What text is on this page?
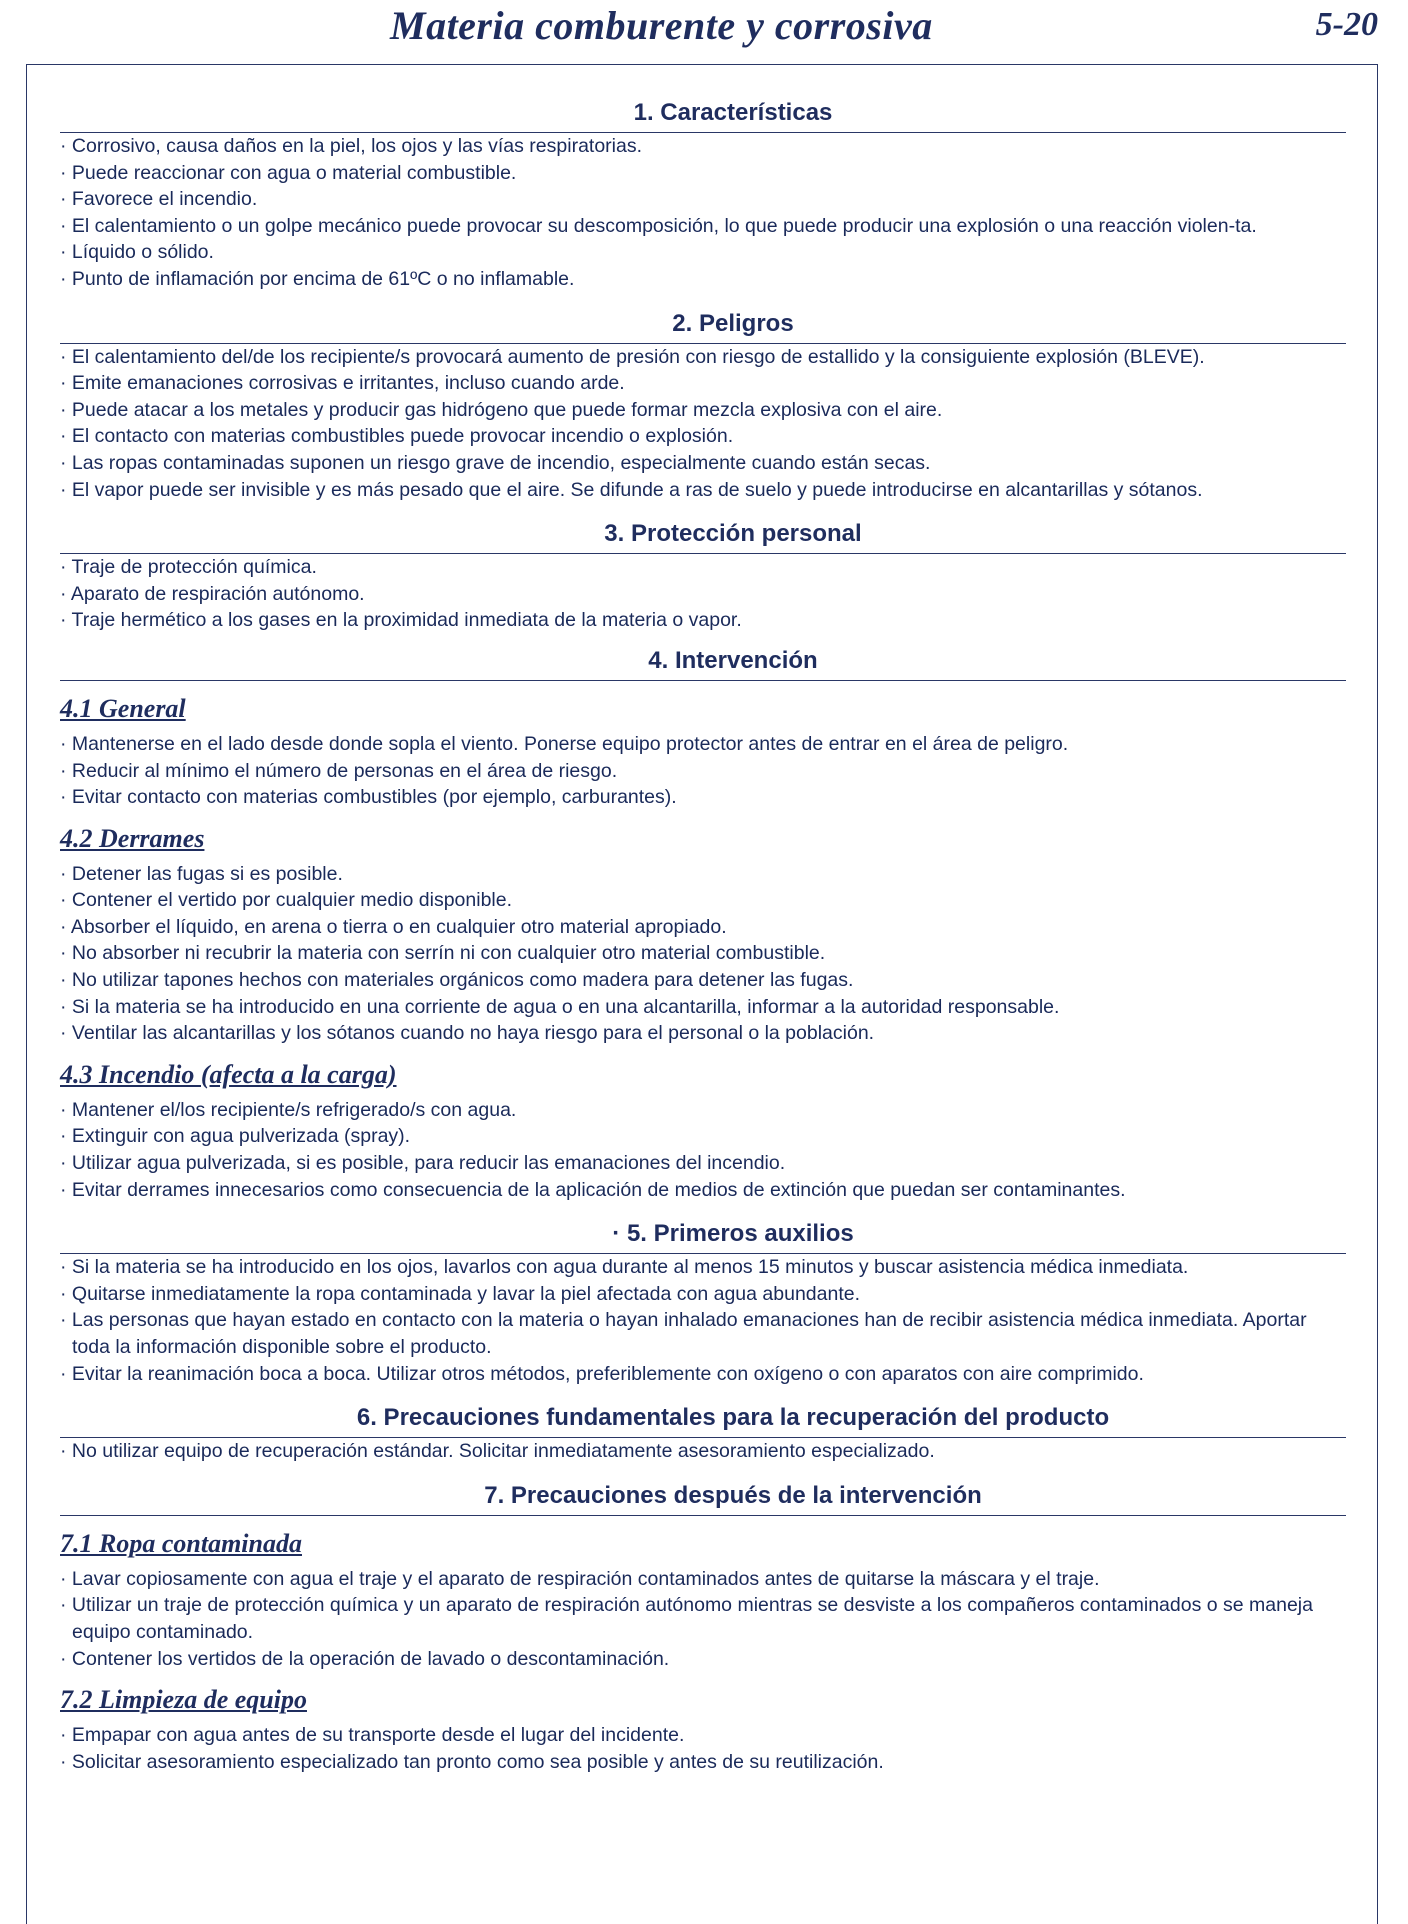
Materia comburente y corrosiva	5-20
1. Características
· Corrosivo, causa daños en la piel, los ojos y las vías respiratorias.
· Puede reaccionar con agua o material combustible.
· Favorece el incendio.
· El calentamiento o un golpe mecánico puede provocar su descomposición, lo que puede producir una explosión o una reacción violen-ta.
· Líquido o sólido.
· Punto de inflamación por encima de 61ºC o no inflamable.
2. Peligros
· El calentamiento del/de los recipiente/s provocará aumento de presión con riesgo de estallido y la consiguiente explosión (BLEVE).
· Emite emanaciones corrosivas e irritantes, incluso cuando arde.
· Puede atacar a los metales y producir gas hidrógeno que puede formar mezcla explosiva con el aire.
· El contacto con materias combustibles puede provocar incendio o explosión.
· Las ropas contaminadas suponen un riesgo grave de incendio, especialmente cuando están secas.
· El vapor puede ser invisible y es más pesado que el aire. Se difunde a ras de suelo y puede introducirse en alcantarillas y sótanos.
3. Protección personal
· Traje de protección química.
· Aparato de respiración autónomo.
· Traje hermético a los gases en la proximidad inmediata de la materia o vapor.
4. Intervención
4.1 General
· Mantenerse en el lado desde donde sopla el viento. Ponerse equipo protector antes de entrar en el área de peligro.
· Reducir al mínimo el número de personas en el área de riesgo.
· Evitar contacto con materias combustibles (por ejemplo, carburantes).
4.2 Derrames
· Detener las fugas si es posible.
· Contener el vertido por cualquier medio disponible.
· Absorber el líquido, en arena o tierra o en cualquier otro material apropiado.
· No absorber ni recubrir la materia con serrín ni con cualquier otro material combustible.
· No utilizar tapones hechos con materiales orgánicos como madera para detener las fugas.
· Si la materia se ha introducido en una corriente de agua o en una alcantarilla, informar a la autoridad responsable.
· Ventilar las alcantarillas y los sótanos cuando no haya riesgo para el personal o la población.
4.3 Incendio (afecta a la carga)
· Mantener el/los recipiente/s refrigerado/s con agua.
· Extinguir con agua pulverizada (spray).
· Utilizar agua pulverizada, si es posible, para reducir las emanaciones del incendio.
· Evitar derrames innecesarios como consecuencia de la aplicación de medios de extinción que puedan ser contaminantes.
· 5. Primeros auxilios
· Si la materia se ha introducido en los ojos, lavarlos con agua durante al menos 15 minutos y buscar asistencia médica inmediata.
· Quitarse inmediatamente la ropa contaminada y lavar la piel afectada con agua abundante.
· Las personas que hayan estado en contacto con la materia o hayan inhalado emanaciones han de recibir asistencia médica inmediata. Aportar toda la información disponible sobre el producto.
· Evitar la reanimación boca a boca. Utilizar otros métodos, preferiblemente con oxígeno o con aparatos con aire comprimido.
6. Precauciones fundamentales para la recuperación del producto
· No utilizar equipo de recuperación estándar. Solicitar inmediatamente asesoramiento especializado.
7. Precauciones después de la intervención
7.1 Ropa contaminada
· Lavar copiosamente con agua el traje y el aparato de respiración contaminados antes de quitarse la máscara y el traje.
· Utilizar un traje de protección química y un aparato de respiración autónomo mientras se desviste a los compañeros contaminados o se maneja equipo contaminado.
· Contener los vertidos de la operación de lavado o descontaminación.
7.2 Limpieza de equipo
· Empapar con agua antes de su transporte desde el lugar del incidente.
· Solicitar asesoramiento especializado tan pronto como sea posible y antes de su reutilización.
